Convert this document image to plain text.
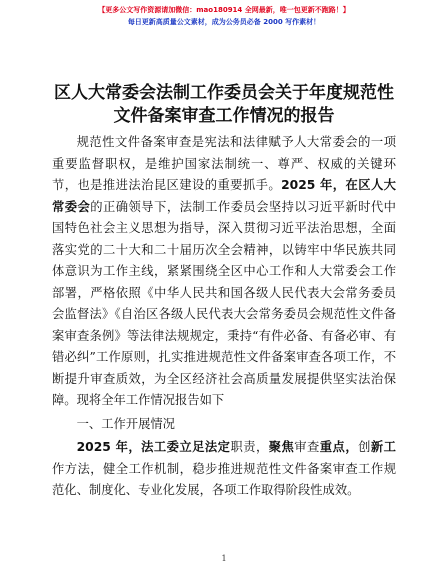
【更多公文写作资源请加微信：mao180914 全网最新，唯一包更新不跑路！】
每日更新高质量公文素材，成为公务员必备 2000 写作素材！
区人大常委会法制工作委员会关于年度规范性
文件备案审查工作情况的报告

规范性文件备案审查是宪法和法律赋予人大常委会的一项重要监督职权，是维护国家法制统一、尊严、权威的关键环节，也是推进法治昆区建设的重要抓手。2025 年，在区人大常委会的正确领导下，法制工作委员会坚持以习近平新时代中国特色社会主义思想为指导，深入贯彻习近平法治思想，全面落实党的二十大和二十届历次全会精神，以铸牢中华民族共同体意识为工作主线，紧紧围绕全区中心工作和人大常委会工作部署，严格依照《中华人民共和国各级人民代表大会常务委员会监督法》《自治区各级人民代表大会常务委员会规范性文件备案审查条例》等法律法规规定，秉持“有件必备、有备必审、有错必纠”工作原则，扎实推进规范性文件备案审查各项工作，不断提升审查质效，为全区经济社会高质量发展提供坚实法治保障。现将全年工作情况报告如下

一、工作开展情况

2025 年，法工委立足法定职责，聚焦审查重点，创新工作方法，健全工作机制，稳步推进规范性文件备案审查工作规范化、制度化、专业化发展，各项工作取得阶段性成效。

1
